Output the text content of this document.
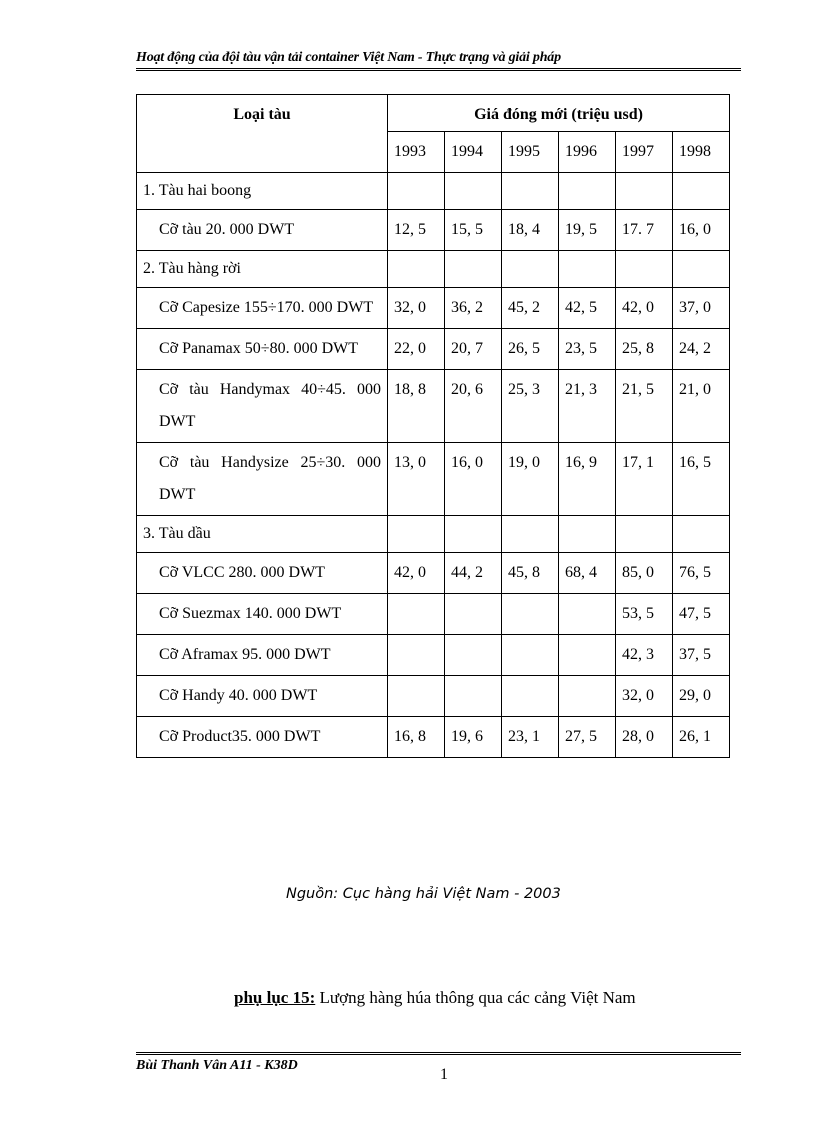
Hoạt động của đội tàu vận tải container Việt Nam - Thực trạng và giải pháp
Loại tàu	Giá đóng mới (triệu usd)					
	1993	1994	1995	1996	1997	1998
1. Tàu hai boong						
Cỡ tàu 20. 000 DWT	12, 5	15, 5	18, 4	19, 5	17. 7	16, 0
2. Tàu hàng rời						
Cỡ Capesize 155÷170. 000 DWT	32, 0	36, 2	45, 2	42, 5	42, 0	37, 0
Cỡ Panamax 50÷80. 000 DWT	22, 0	20, 7	26, 5	23, 5	25, 8	24, 2
Cỡ tàu Handymax 40÷45. 000 DWT	18, 8	20, 6	25, 3	21, 3	21, 5	21, 0
Cỡ tàu Handysize 25÷30. 000 DWT	13, 0	16, 0	19, 0	16, 9	17, 1	16, 5
3. Tàu dầu						
Cỡ VLCC 280. 000 DWT	42, 0	44, 2	45, 8	68, 4	85, 0	76, 5
Cỡ Suezmax 140. 000 DWT					53, 5	47, 5
Cỡ Aframax 95. 000 DWT					42, 3	37, 5
Cỡ Handy 40. 000 DWT					32, 0	29, 0
Cỡ Product35. 000 DWT	16, 8	19, 6	23, 1	27, 5	28, 0	26, 1
Nguồn: Cục hàng hải Việt Nam - 2003
phụ lục 15: Lượng hàng húa thông qua các cảng Việt Nam
Bùi Thanh Vân A11 - K38D
1
